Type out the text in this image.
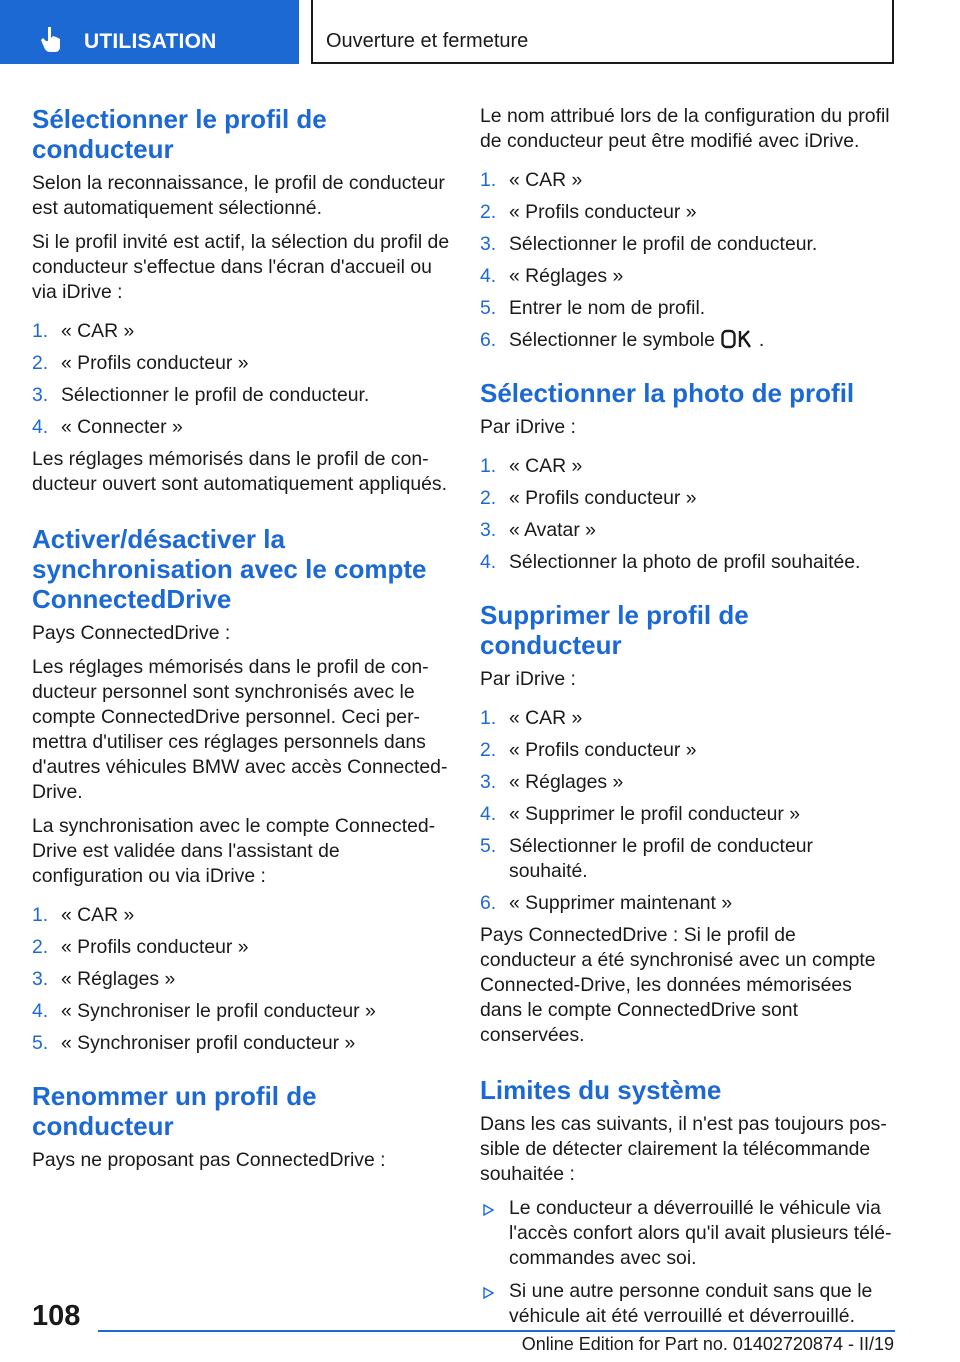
UTILISATION	Ouverture et fermeture
Sélectionner le profil de conducteur

Selon la reconnaissance, le profil de conducteur est automatiquement sélectionné.

Si le profil invité est actif, la sélection du profil de conducteur s'effectue dans l'écran d'accueil ou via iDrive :

1. « CAR »
2. « Profils conducteur »
3. Sélectionner le profil de conducteur.
4. « Connecter »

Les réglages mémorisés dans le profil de con‐ducteur ouvert sont automatiquement appliqués.

Activer/désactiver la synchronisation avec le compte ConnectedDrive

Pays ConnectedDrive :

Les réglages mémorisés dans le profil de con‐ducteur personnel sont synchronisés avec le compte ConnectedDrive personnel. Ceci per‐mettra d'utiliser ces réglages personnels dans d'autres véhicules BMW avec accès Connected‐Drive.

La synchronisation avec le compte Connected‐Drive est validée dans l'assistant de configuration ou via iDrive :

1. « CAR »
2. « Profils conducteur »
3. « Réglages »
4. « Synchroniser le profil conducteur »
5. « Synchroniser profil conducteur »
Renommer un profil de conducteur

Pays ne proposant pas ConnectedDrive :

Le nom attribué lors de la configuration du profil de conducteur peut être modifié avec iDrive.

1. « CAR »
2. « Profils conducteur »
3. Sélectionner le profil de conducteur.
4. « Réglages »
5. Entrer le nom de profil.
6. Sélectionner le symbole .
Sélectionner la photo de profil

Par iDrive :

1. « CAR »
2. « Profils conducteur »
3. « Avatar »
4. Sélectionner la photo de profil souhaitée.
Supprimer le profil de conducteur

Par iDrive :

1. « CAR »
2. « Profils conducteur »
3. « Réglages »
4. « Supprimer le profil conducteur »
5. Sélectionner le profil de conducteur souhaité.
6. « Supprimer maintenant »

Pays ConnectedDrive : Si le profil de conducteur a été synchronisé avec un compte Connected‐Drive, les données mémorisées dans le compte ConnectedDrive sont conservées.

Limites du système

Dans les cas suivants, il n'est pas toujours pos‐sible de détecter clairement la télécommande souhaitée :

Le conducteur a déverrouillé le véhicule via l'accès confort alors qu'il avait plusieurs télé‐commandes avec soi.
Si une autre personne conduit sans que le véhicule ait été verrouillé et déverrouillé.
108
Online Edition for Part no. 01402720874 - II/19
